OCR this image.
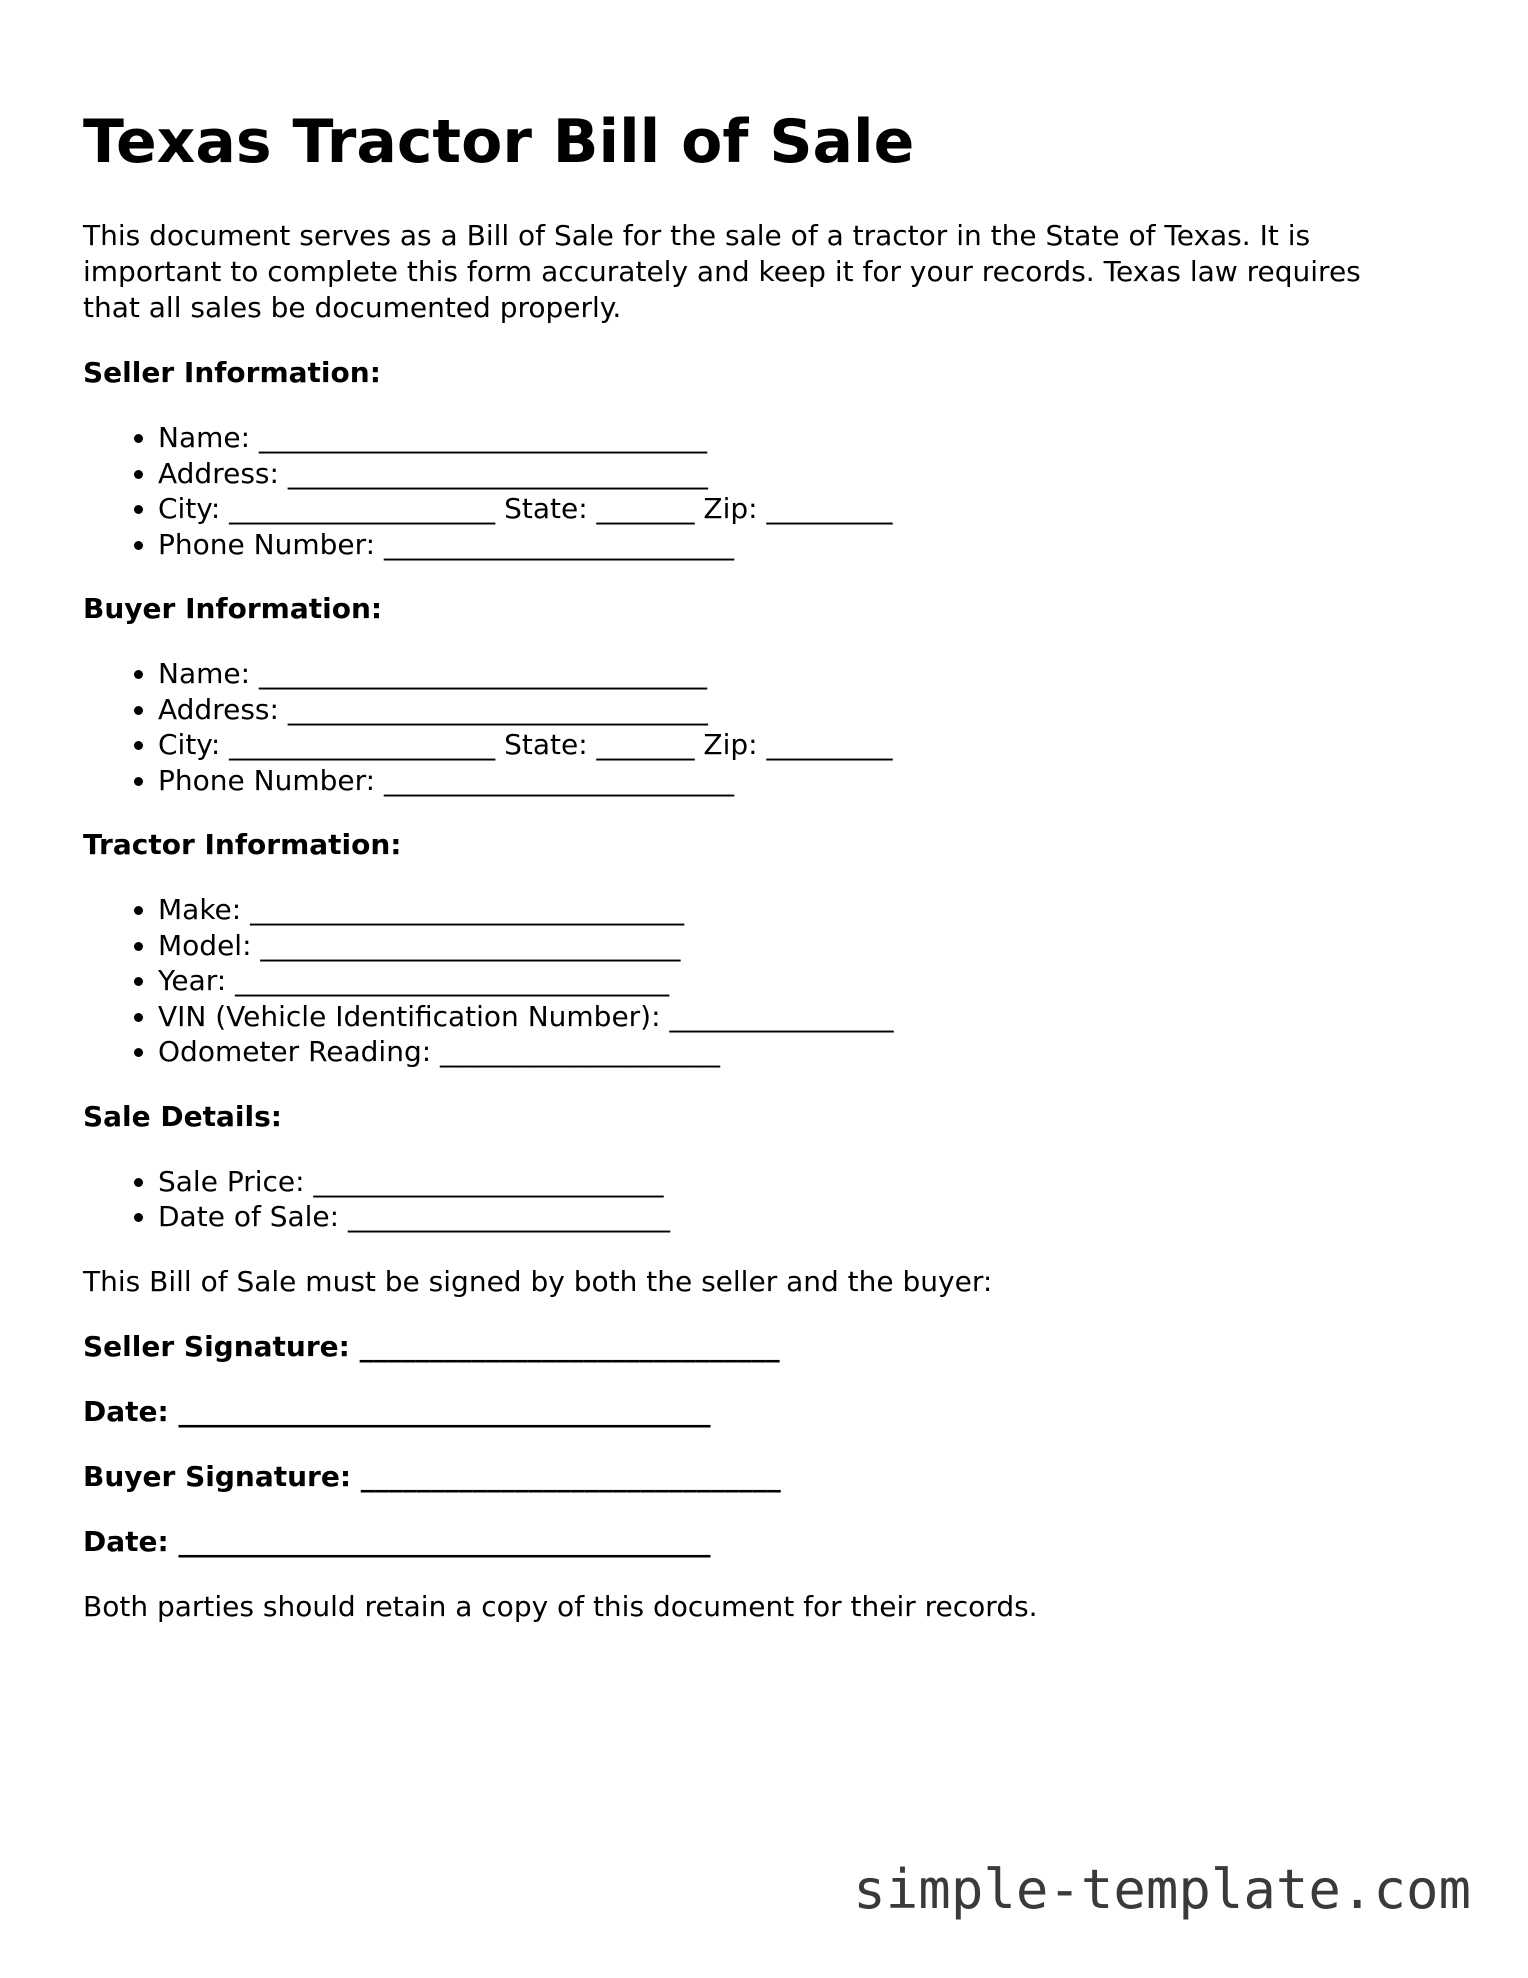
Texas Tractor Bill of Sale

This document serves as a Bill of Sale for the sale of a tractor in the State of Texas. It is important to complete this form accurately and keep it for your records. Texas law requires that all sales be documented properly.

Seller Information:
• Name: ________________________________
• Address: ______________________________
• City: ___________________ State: _______ Zip: _________
• Phone Number: _________________________
Buyer Information:
• Name: ________________________________
• Address: ______________________________
• City: ___________________ State: _______ Zip: _________
• Phone Number: _________________________
Tractor Information:
• Make: _______________________________
• Model: ______________________________
• Year: _______________________________
• VIN (Vehicle Identification Number): ________________
• Odometer Reading: ____________________
Sale Details:
• Sale Price: _________________________
• Date of Sale: _______________________

This Bill of Sale must be signed by both the seller and the buyer:

Seller Signature: ______________________________
Date: ______________________________________
Buyer Signature: ______________________________
Date: ______________________________________

Both parties should retain a copy of this document for their records.

simple-template.com
